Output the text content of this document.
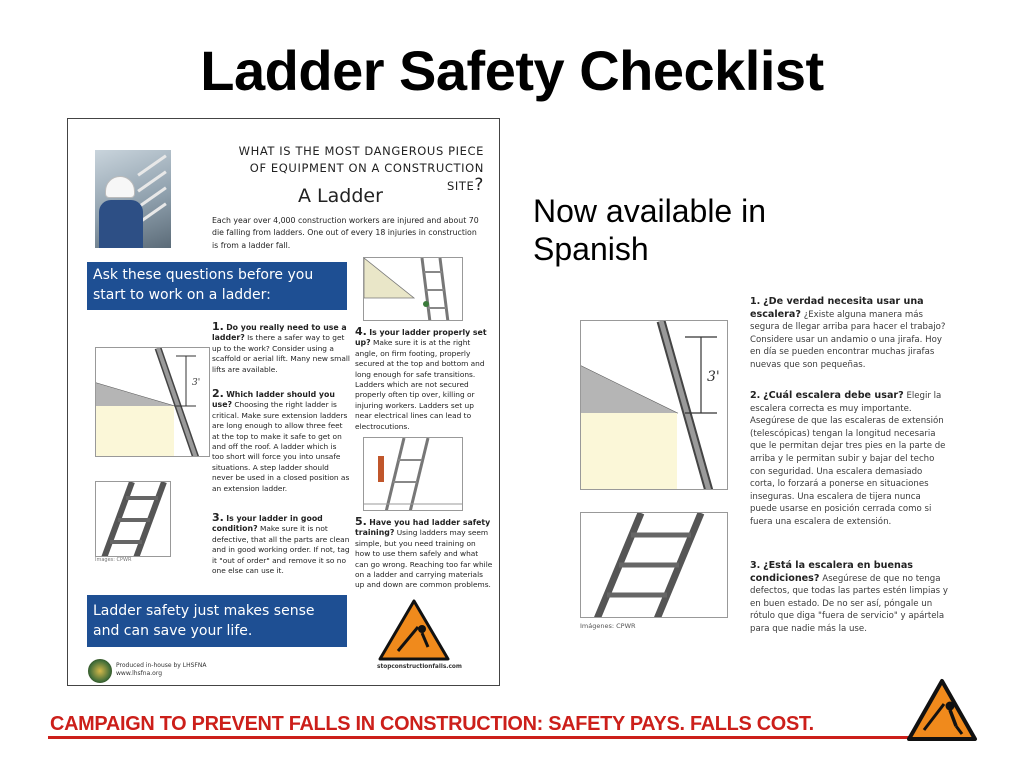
Ladder Safety Checklist
WHAT IS THE MOST DANGEROUS PIECE
OF EQUIPMENT ON A CONSTRUCTION SITE?
A Ladder
Each year over 4,000 construction workers are injured and about 70 die falling from ladders. One out of every 18 injuries in construction is from a ladder fall.
Ask these questions before you
start to work on a ladder:
3'
Images: CPWR
1. Do you really need to use a ladder? Is there a safer way to get up to the work? Consider using a scaffold or aerial lift. Many new small lifts are available.
2. Which ladder should you use? Choosing the right ladder is critical. Make sure extension ladders are long enough to allow three feet at the top to make it safe to get on and off the roof. A ladder which is too short will force you into unsafe situations. A step ladder should never be used in a closed position as an extension ladder.
3. Is your ladder in good condition? Make sure it is not defective, that all the parts are clean and in good working order. If not, tag it "out of order" and remove it so no one else can use it.
4. Is your ladder properly set up? Make sure it is at the right angle, on firm footing, properly secured at the top and bottom and long enough for safe transitions. Ladders which are not secured properly often tip over, killing or injuring workers. Ladders set up near electrical lines can lead to electrocutions.
5. Have you had ladder safety training? Using ladders may seem simple, but you need training on how to use them safely and what can go wrong. Reaching too far while on a ladder and carrying materials up and down are common problems.
Ladder safety just makes sense
and can save your life.
Produced in-house by LHSFNA
www.lhsfna.org
stopconstructionfalls.com
Now available in Spanish
3'
Imágenes: CPWR
1. ¿De verdad necesita usar una escalera? ¿Existe alguna manera más segura de llegar arriba para hacer el trabajo? Considere usar un andamio o una jirafa. Hoy en día se pueden encontrar muchas jirafas nuevas que son pequeñas.
2. ¿Cuál escalera debe usar? Elegir la escalera correcta es muy importante. Asegúrese de que las escaleras de extensión (telescópicas) tengan la longitud necesaria que le permitan dejar tres pies en la parte de arriba y le permitan subir y bajar del techo con seguridad. Una escalera demasiado corta, lo forzará a ponerse en situaciones inseguras. Una escalera de tijera nunca puede usarse en posición cerrada como si fuera una escalera de extensión.
3. ¿Está la escalera en buenas condiciones? Asegúrese de que no tenga defectos, que todas las partes estén limpias y en buen estado. De no ser así, póngale un rótulo que diga "fuera de servicio" y apártela para que nadie más la use.
CAMPAIGN TO PREVENT FALLS IN CONSTRUCTION: SAFETY PAYS. FALLS COST.
